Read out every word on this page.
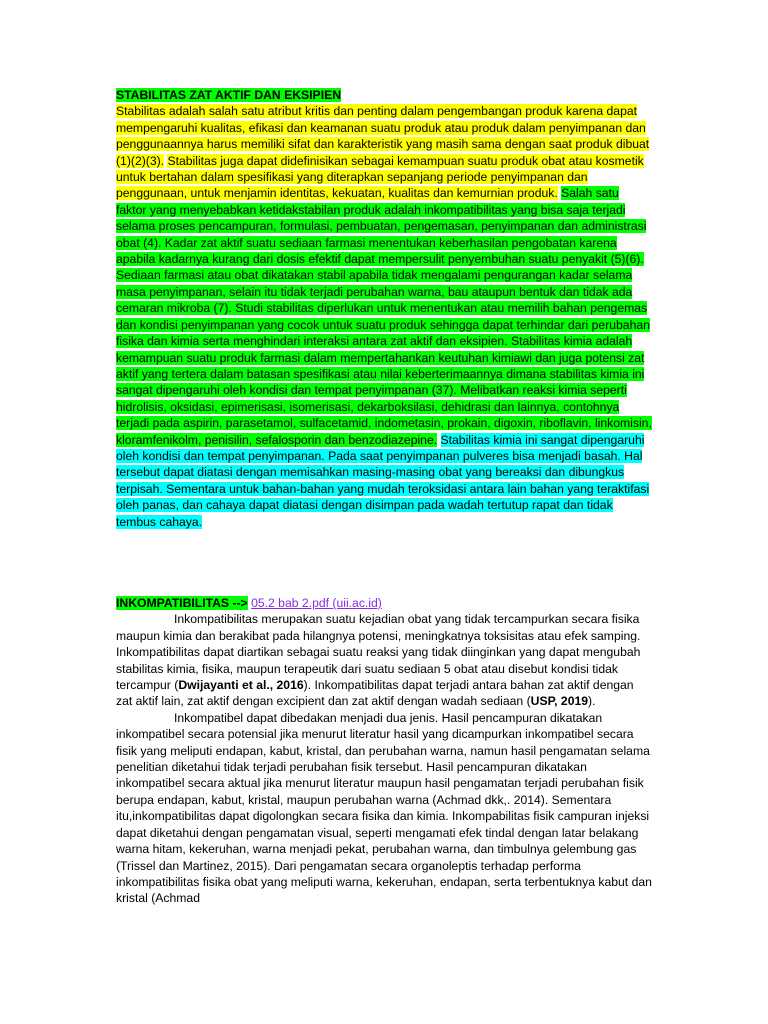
STABILITAS ZAT AKTIF DAN EKSIPIEN

Stabilitas adalah salah satu atribut kritis dan penting dalam pengembangan produk karena dapat mempengaruhi kualitas, efikasi dan keamanan suatu produk atau produk dalam penyimpanan dan penggunaannya harus memiliki sifat dan karakteristik yang masih sama dengan saat produk dibuat (1)(2)(3). Stabilitas juga dapat didefinisikan sebagai kemampuan suatu produk obat atau kosmetik untuk bertahan dalam spesifikasi yang diterapkan sepanjang periode penyimpanan dan penggunaan, untuk menjamin identitas, kekuatan, kualitas dan kemurnian produk. Salah satu faktor yang menyebabkan ketidakstabilan produk adalah inkompatibilitas yang bisa saja terjadi selama proses pencampuran, formulasi, pembuatan, pengemasan, penyimpanan dan administrasi obat (4). Kadar zat aktif suatu sediaan farmasi menentukan keberhasilan pengobatan karena apabila kadarnya kurang dari dosis efektif dapat mempersulit penyembuhan suatu penyakit (5)(6). Sediaan farmasi atau obat dikatakan stabil apabila tidak mengalami pengurangan kadar selama masa penyimpanan, selain itu tidak terjadi perubahan warna, bau ataupun bentuk dan tidak ada cemaran mikroba (7). Studi stabilitas diperlukan untuk menentukan atau memilih bahan pengemas dan kondisi penyimpanan yang cocok untuk suatu produk sehingga dapat terhindar dari perubahan fisika dan kimia serta menghindari interaksi antara zat aktif dan eksipien. Stabilitas kimia adalah kemampuan suatu produk farmasi dalam mempertahankan keutuhan kimiawi dan juga potensi zat aktif yang tertera dalam batasan spesifikasi atau nilai keberterimaannya dimana stabilitas kimia ini sangat dipengaruhi oleh kondisi dan tempat penyimpanan (37). Melibatkan reaksi kimia seperti hidrolisis, oksidasi, epimerisasi, isomerisasi, dekarboksilasi, dehidrasi dan lainnya, contohnya terjadi pada aspirin, parasetamol, sulfacetamid, indometasin, prokain, digoxin, riboflavin, linkomisin, kloramfenikolm, penisilin, sefalosporin dan benzodiazepine. Stabilitas kimia ini sangat dipengaruhi oleh kondisi dan tempat penyimpanan. Pada saat penyimpanan pulveres bisa menjadi basah. Hal tersebut dapat diatasi dengan memisahkan masing-masing obat yang bereaksi dan dibungkus terpisah. Sementara untuk bahan-bahan yang mudah teroksidasi antara lain bahan yang teraktifasi oleh panas, dan cahaya dapat diatasi dengan disimpan pada wadah tertutup rapat dan tidak tembus cahaya.

INKOMPATIBILITAS --> 05.2 bab 2.pdf (uii.ac.id)

Inkompatibilitas merupakan suatu kejadian obat yang tidak tercampurkan secara fisika maupun kimia dan berakibat pada hilangnya potensi, meningkatnya toksisitas atau efek samping. Inkompatibilitas dapat diartikan sebagai suatu reaksi yang tidak diinginkan yang dapat mengubah stabilitas kimia, fisika, maupun terapeutik dari suatu sediaan 5 obat atau disebut kondisi tidak tercampur (Dwijayanti et al., 2016). Inkompatibilitas dapat terjadi antara bahan zat aktif dengan zat aktif lain, zat aktif dengan excipient dan zat aktif dengan wadah sediaan (USP, 2019).

Inkompatibel dapat dibedakan menjadi dua jenis. Hasil pencampuran dikatakan inkompatibel secara potensial jika menurut literatur hasil yang dicampurkan inkompatibel secara fisik yang meliputi endapan, kabut, kristal, dan perubahan warna, namun hasil pengamatan selama penelitian diketahui tidak terjadi perubahan fisik tersebut. Hasil pencampuran dikatakan inkompatibel secara aktual jika menurut literatur maupun hasil pengamatan terjadi perubahan fisik berupa endapan, kabut, kristal, maupun perubahan warna (Achmad dkk,. 2014). Sementara itu,inkompatibilitas dapat digolongkan secara fisika dan kimia. Inkompabilitas fisik campuran injeksi dapat diketahui dengan pengamatan visual, seperti mengamati efek tindal dengan latar belakang warna hitam, kekeruhan, warna menjadi pekat, perubahan warna, dan timbulnya gelembung gas (Trissel dan Martinez, 2015). Dari pengamatan secara organoleptis terhadap performa inkompatibilitas fisika obat yang meliputi warna, kekeruhan, endapan, serta terbentuknya kabut dan kristal (Achmad
